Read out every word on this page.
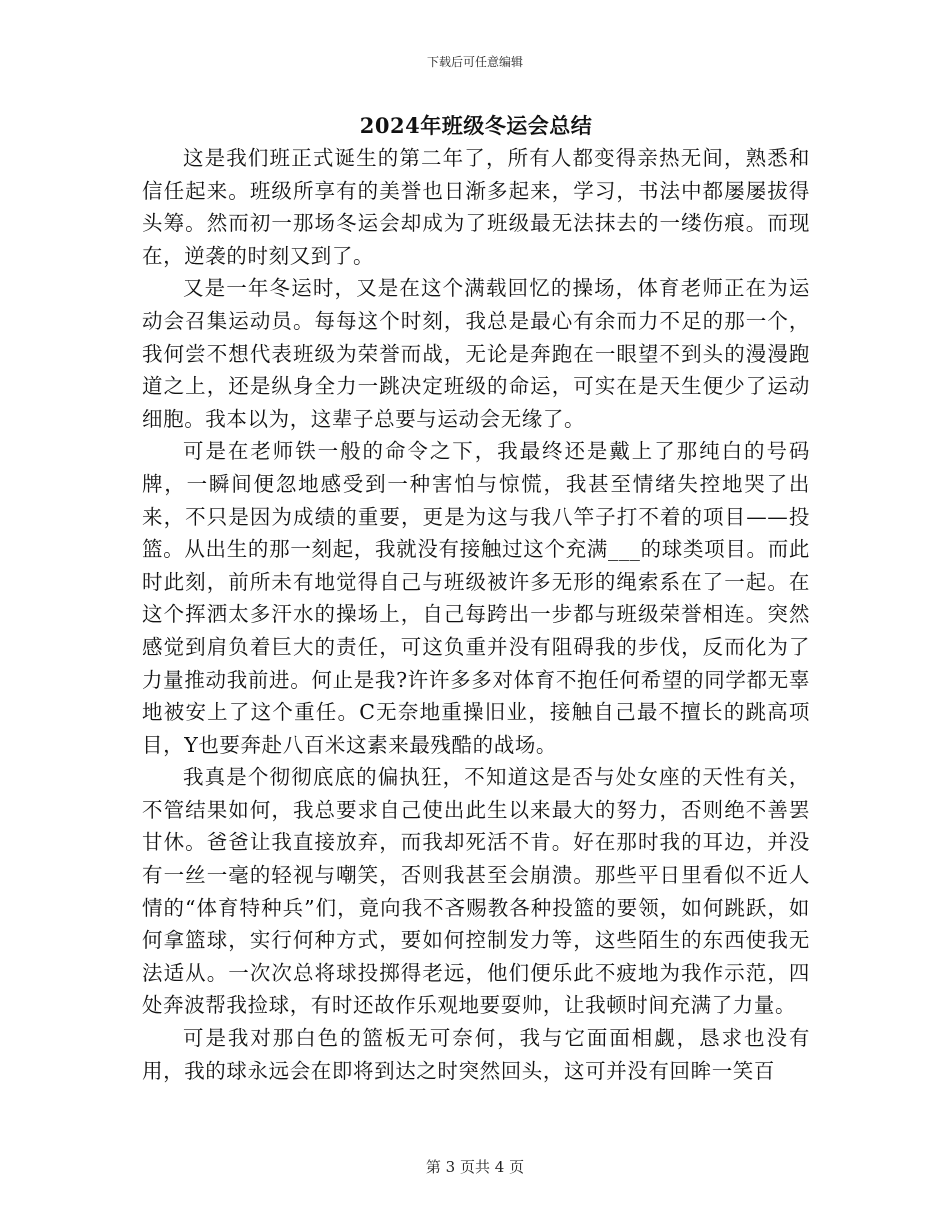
下载后可任意编辑
2024年班级冬运会总结

这是我们班正式诞生的第二年了，所有人都变得亲热无间，熟悉和信任起来。班级所享有的美誉也日渐多起来，学习，书法中都屡屡拔得头筹。然而初一那场冬运会却成为了班级最无法抹去的一缕伤痕。而现在，逆袭的时刻又到了。

又是一年冬运时，又是在这个满载回忆的操场，体育老师正在为运动会召集运动员。每每这个时刻，我总是最心有余而力不足的那一个，我何尝不想代表班级为荣誉而战，无论是奔跑在一眼望不到头的漫漫跑道之上，还是纵身全力一跳决定班级的命运，可实在是天生便少了运动细胞。我本以为，这辈子总要与运动会无缘了。

可是在老师铁一般的命令之下，我最终还是戴上了那纯白的号码牌，一瞬间便忽地感受到一种害怕与惊慌，我甚至情绪失控地哭了出来，不只是因为成绩的重要，更是为这与我八竿子打不着的项目——投篮。从出生的那一刻起，我就没有接触过这个充满___的球类项目。而此时此刻，前所未有地觉得自己与班级被许多无形的绳索系在了一起。在这个挥洒太多汗水的操场上，自己每跨出一步都与班级荣誉相连。突然感觉到肩负着巨大的责任，可这负重并没有阻碍我的步伐，反而化为了力量推动我前进。何止是我?许许多多对体育不抱任何希望的同学都无辜地被安上了这个重任。C无奈地重操旧业，接触自己最不擅长的跳高项目，Y也要奔赴八百米这素来最残酷的战场。

我真是个彻彻底底的偏执狂，不知道这是否与处女座的天性有关，不管结果如何，我总要求自己使出此生以来最大的努力，否则绝不善罢甘休。爸爸让我直接放弃，而我却死活不肯。好在那时我的耳边，并没有一丝一毫的轻视与嘲笑，否则我甚至会崩溃。那些平日里看似不近人情的“体育特种兵”们，竟向我不吝赐教各种投篮的要领，如何跳跃，如何拿篮球，实行何种方式，要如何控制发力等，这些陌生的东西使我无法适从。一次次总将球投掷得老远，他们便乐此不疲地为我作示范，四处奔波帮我捡球，有时还故作乐观地要耍帅，让我顿时间充满了力量。

可是我对那白色的篮板无可奈何，我与它面面相觑，恳求也没有用，我的球永远会在即将到达之时突然回头，这可并没有回眸一笑百

第 3 页共 4 页
